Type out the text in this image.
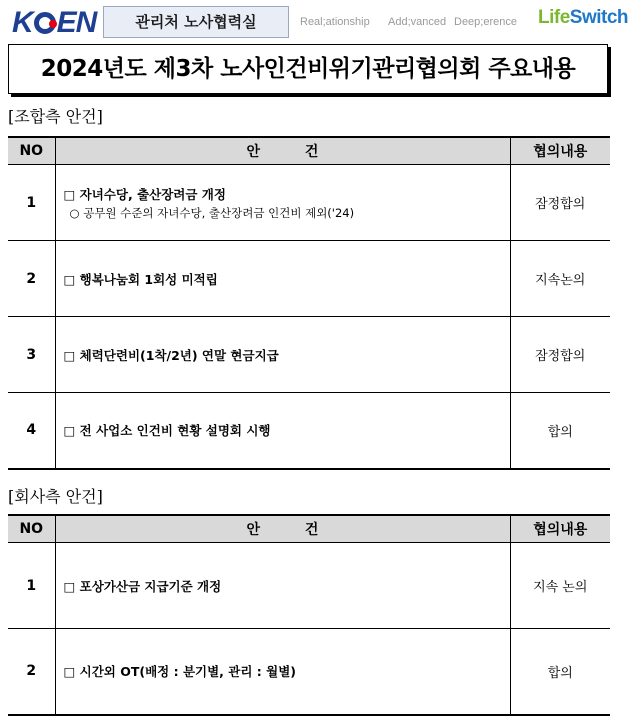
K EN	관리처 노사협력실	Real;ationship Add;vanced Deep;erence LifeSwitch
2024년도 제3차 노사인건비위기관리협의회 주요내용
[조합측 안건]
NO	안 건	협의내용
1	□ 자녀수당, 출산장려금 개정
○ 공무원 수준의 자녀수당, 출산장려금 인건비 제외('24)	잠정합의
2	□ 행복나눔회 1회성 미적립	지속논의
3	□ 체력단련비(1착/2년) 연말 현금지급	잠정합의
4	□ 전 사업소 인건비 현황 설명회 시행	합의
[회사측 안건]
NO	안 건	협의내용
1	□ 포상가산금 지급기준 개정	지속 논의
2	□ 시간외 OT(배정 : 분기별, 관리 : 월별)	합의
